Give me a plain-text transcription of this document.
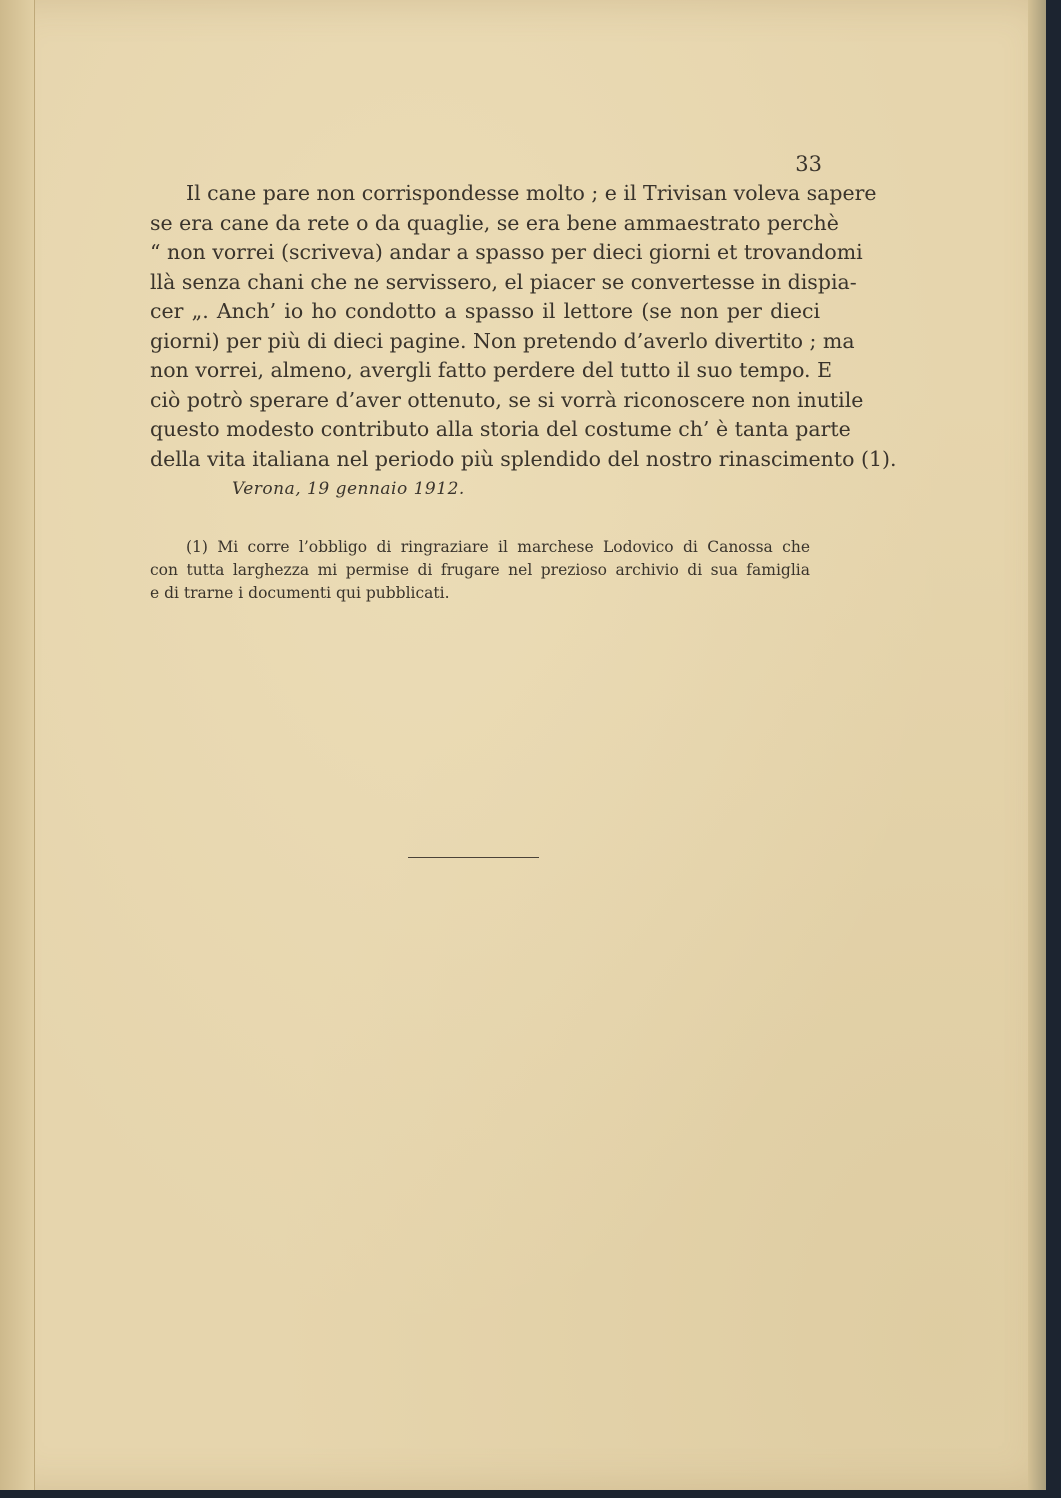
33
Il cane pare non corrispondesse molto ; e il Trivisan voleva sapere
se era cane da rete o da quaglie, se era bene ammaestrato perchè
“ non vorrei (scriveva) andar a spasso per dieci giorni et trovandomi
llà senza chani che ne servissero, el piacer se convertesse in dispia-
cer „. Anch’ io ho condotto a spasso il lettore (se non per dieci
giorni) per più di dieci pagine. Non pretendo d’averlo divertito ; ma
non vorrei, almeno, avergli fatto perdere del tutto il suo tempo. E
ciò potrò sperare d’aver ottenuto, se si vorrà riconoscere non inutile
questo modesto contributo alla storia del costume ch’ è tanta parte
della vita italiana nel periodo più splendido del nostro rinascimento (1).
Verona, 19 gennaio 1912.
(1) Mi corre l’obbligo di ringraziare il marchese Lodovico di Canossa che
con tutta larghezza mi permise di frugare nel prezioso archivio di sua famiglia
e di trarne i documenti qui pubblicati.
